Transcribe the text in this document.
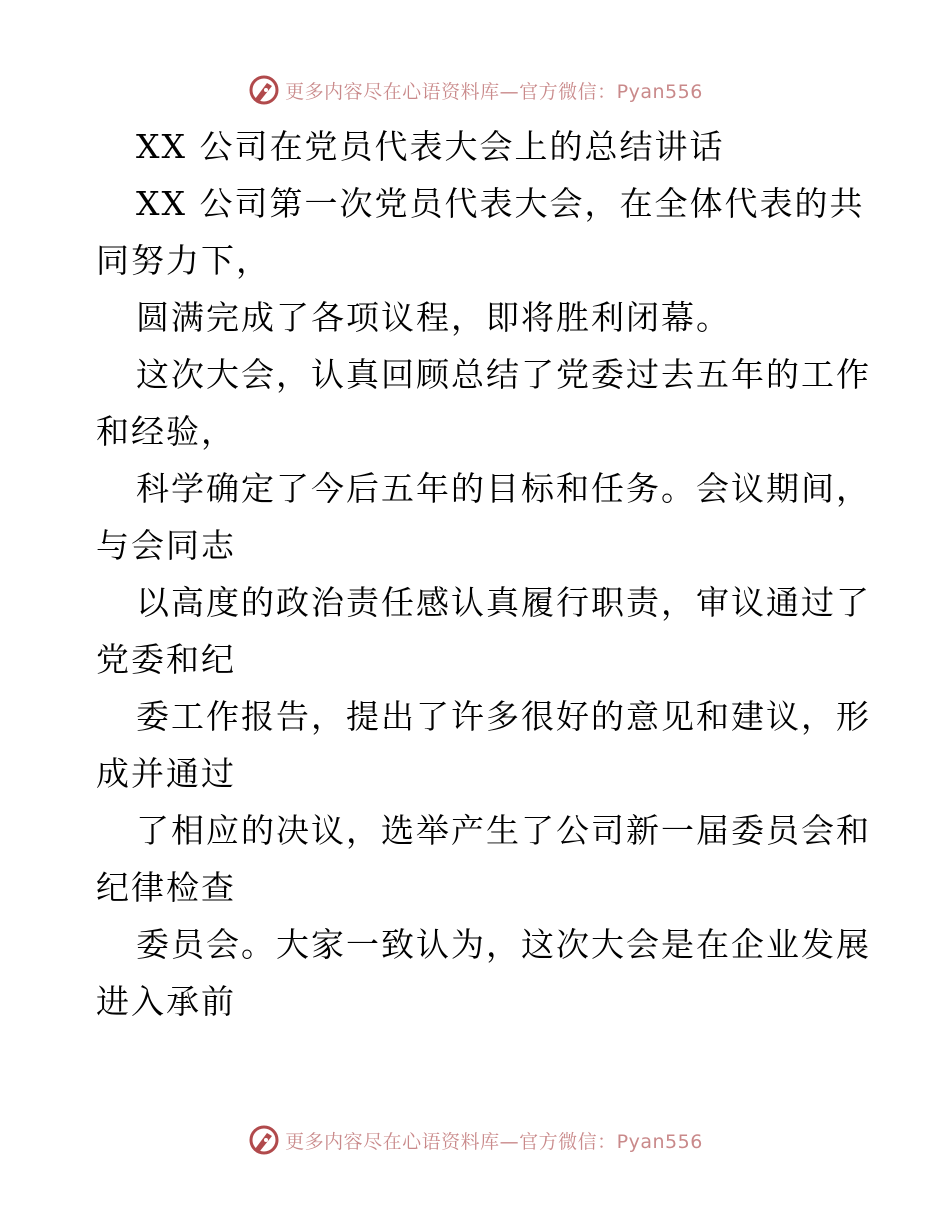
更多内容尽在心语资料库—官方微信：Pyan556
XX 公司在党员代表大会上的总结讲话
XX 公司第一次党员代表大会，在全体代表的共
同努力下，
圆满完成了各项议程，即将胜利闭幕。
这次大会，认真回顾总结了党委过去五年的工作
和经验，
科学确定了今后五年的目标和任务。会议期间，
与会同志
以高度的政治责任感认真履行职责，审议通过了
党委和纪
委工作报告，提出了许多很好的意见和建议，形
成并通过
了相应的决议，选举产生了公司新一届委员会和
纪律检查
委员会。大家一致认为，这次大会是在企业发展
进入承前
更多内容尽在心语资料库—官方微信：Pyan556
